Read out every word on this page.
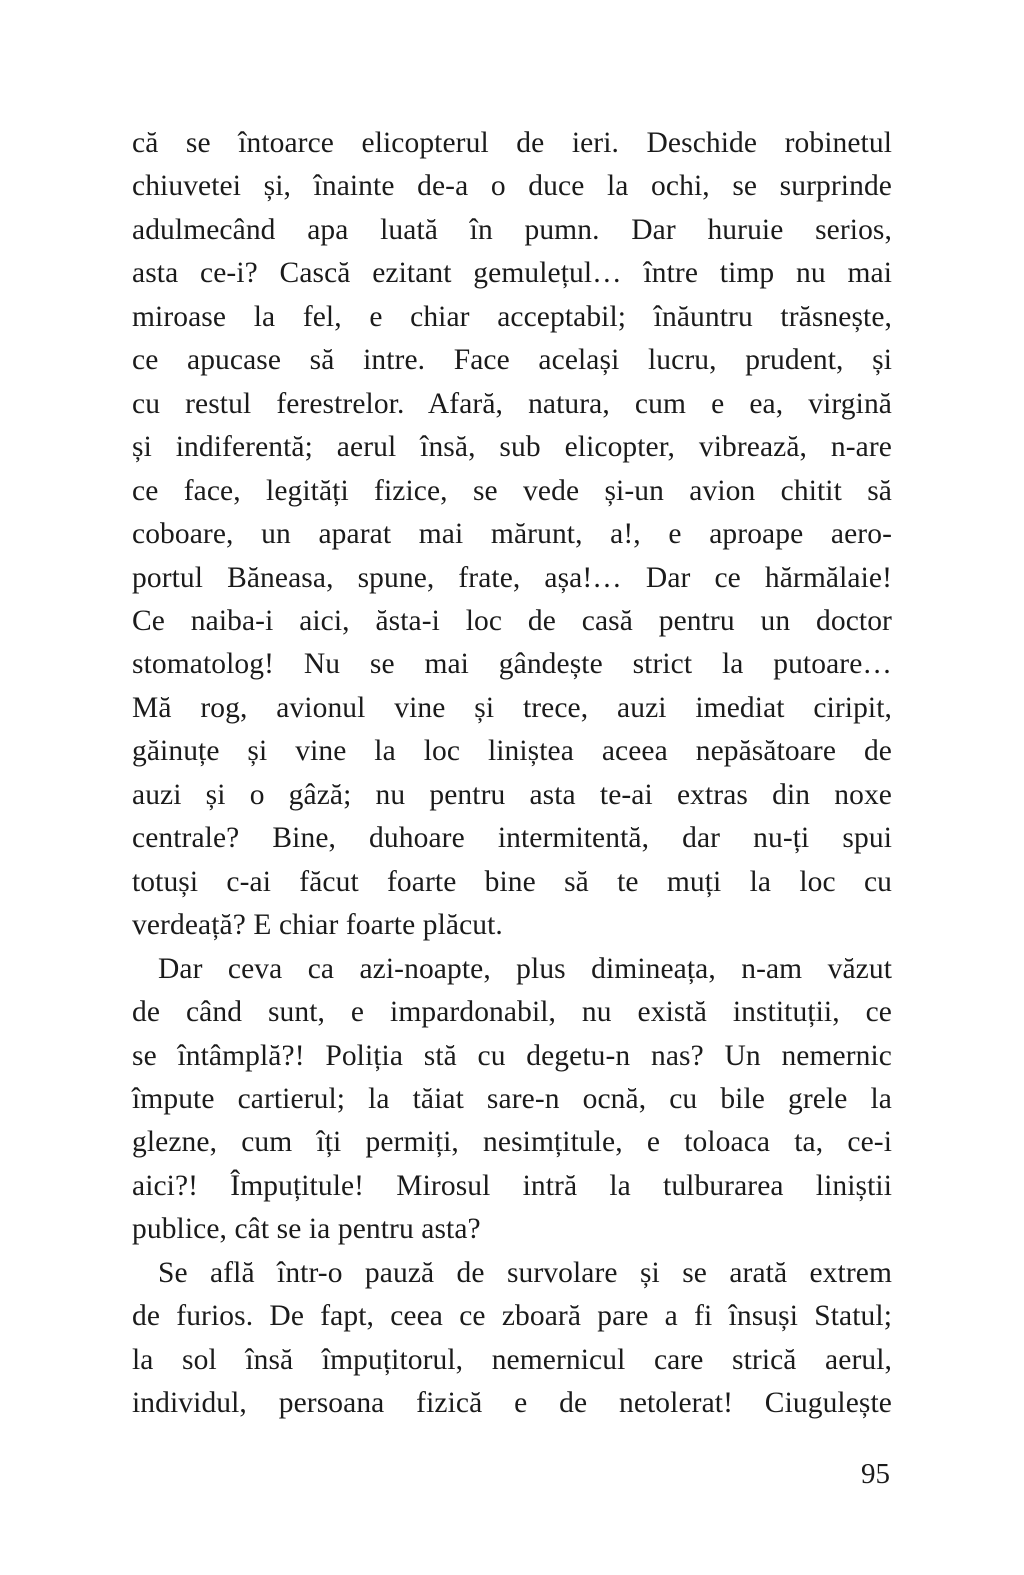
că se întoarce elicopterul de ieri. Deschide robinetul
chiuvetei și, înainte de-a o duce la ochi, se surprinde
adulmecând apa luată în pumn. Dar huruie serios,
asta ce-i? Cască ezitant gemulețul… între timp nu mai
miroase la fel, e chiar acceptabil; înăuntru trăsnește,
ce apucase să intre. Face același lucru, prudent, și
cu restul ferestrelor. Afară, natura, cum e ea, virgină
și indiferentă; aerul însă, sub elicopter, vibrează, n-are
ce face, legități fizice, se vede și-un avion chitit să
coboare, un aparat mai mărunt, a!, e aproape aero-
portul Băneasa, spune, frate, așa!… Dar ce hărmălaie!
Ce naiba-i aici, ăsta-i loc de casă pentru un doctor
stomatolog! Nu se mai gândește strict la putoare…
Mă rog, avionul vine și trece, auzi imediat ciripit,
găinuțe și vine la loc liniștea aceea nepăsătoare de
auzi și o gâză; nu pentru asta te-ai extras din noxe
centrale? Bine, duhoare intermitentă, dar nu-ți spui
totuși c-ai făcut foarte bine să te muți la loc cu
verdeață? E chiar foarte plăcut.
Dar ceva ca azi-noapte, plus dimineața, n-am văzut
de când sunt, e impardonabil, nu există instituții, ce
se întâmplă?! Poliția stă cu degetu-n nas? Un nemernic
împute cartierul; la tăiat sare-n ocnă, cu bile grele la
glezne, cum îți permiți, nesimțitule, e toloaca ta, ce-i
aici?! Împuțitule! Mirosul intră la tulburarea liniștii
publice, cât se ia pentru asta?
Se află într-o pauză de survolare și se arată extrem
de furios. De fapt, ceea ce zboară pare a fi însuși Statul;
la sol însă împuțitorul, nemernicul care strică aerul,
individul, persoana fizică e de netolerat! Ciugulește
95
